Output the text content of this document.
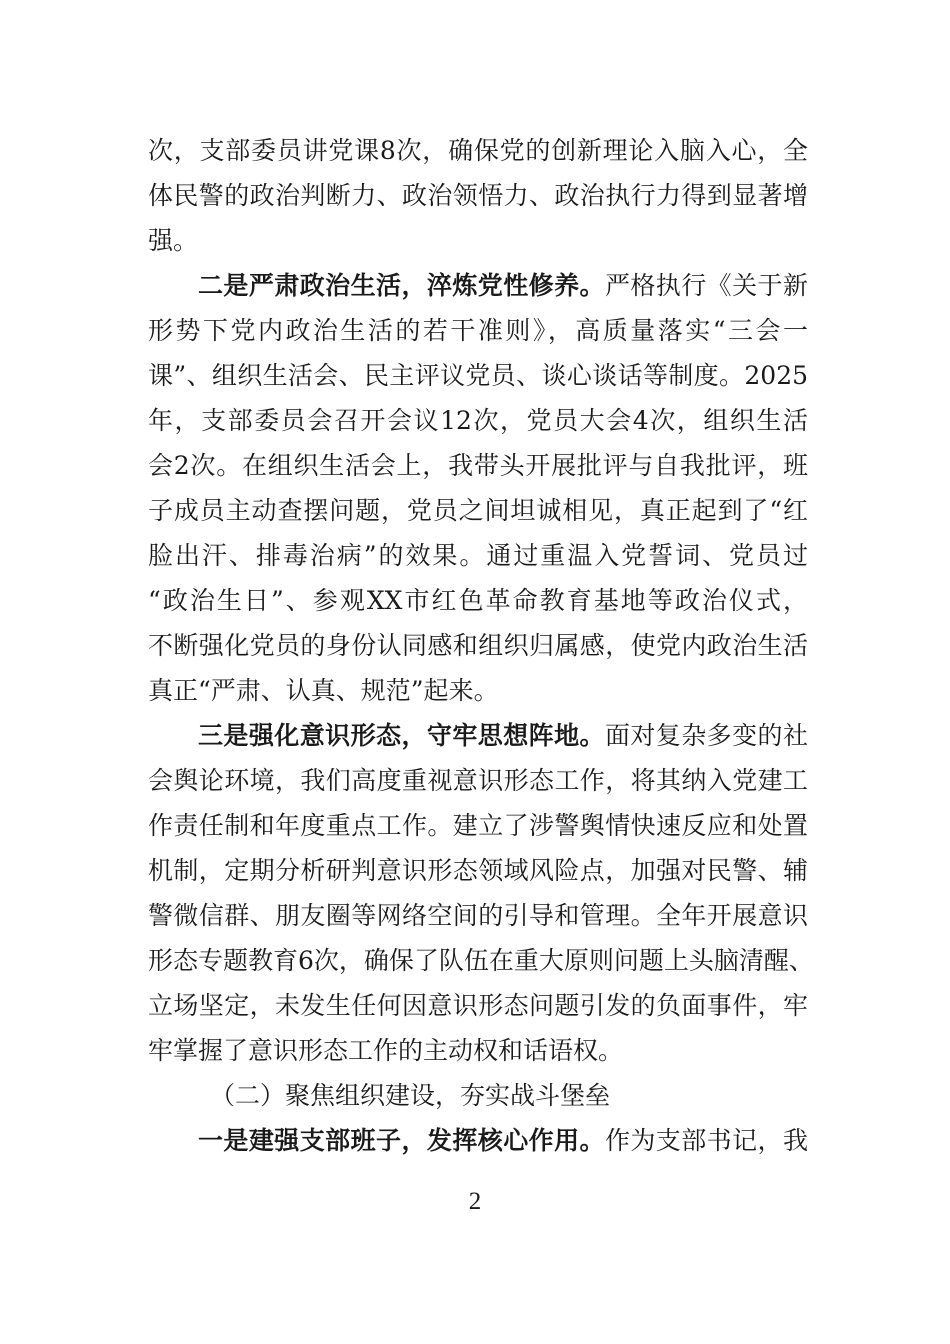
次，支部委员讲党课8次，确保党的创新理论入脑入心，全
体民警的政治判断力、政治领悟力、政治执行力得到显著增
强。
二是严肃政治生活，淬炼党性修养。严格执行《关于新
形势下党内政治生活的若干准则》，高质量落实“三会一
课”、组织生活会、民主评议党员、谈心谈话等制度。2025
年，支部委员会召开会议12次，党员大会4次，组织生活
会2次。在组织生活会上，我带头开展批评与自我批评，班
子成员主动查摆问题，党员之间坦诚相见，真正起到了“红
脸出汗、排毒治病”的效果。通过重温入党誓词、党员过
“政治生日”、参观XX市红色革命教育基地等政治仪式，
不断强化党员的身份认同感和组织归属感，使党内政治生活
真正“严肃、认真、规范”起来。
三是强化意识形态，守牢思想阵地。面对复杂多变的社
会舆论环境，我们高度重视意识形态工作，将其纳入党建工
作责任制和年度重点工作。建立了涉警舆情快速反应和处置
机制，定期分析研判意识形态领域风险点，加强对民警、辅
警微信群、朋友圈等网络空间的引导和管理。全年开展意识
形态专题教育6次，确保了队伍在重大原则问题上头脑清醒、
立场坚定，未发生任何因意识形态问题引发的负面事件，牢
牢掌握了意识形态工作的主动权和话语权。
（二）聚焦组织建设，夯实战斗堡垒
一是建强支部班子，发挥核心作用。作为支部书记，我
2
